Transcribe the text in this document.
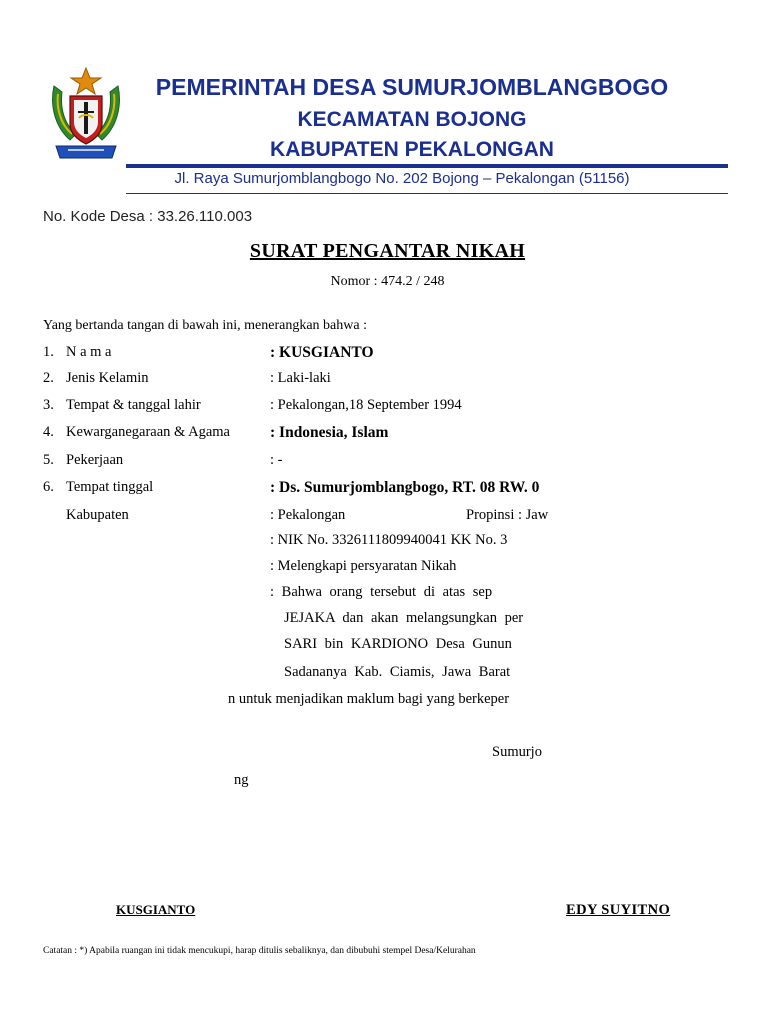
PEMERINTAH DESA SUMURJOMBLANGBOGO
KECAMATAN BOJONG
KABUPATEN PEKALONGAN
Jl. Raya Sumurjomblangbogo No. 202 Bojong – Pekalongan (51156)
No. Kode Desa : 33.26.110.003
SURAT PENGANTAR NIKAH
Nomor : 474.2 / 248
Yang bertanda tangan di bawah ini, menerangkan bahwa :
1. N a m a	: KUSGIANTO
2. Jenis Kelamin	: Laki-laki
3. Tempat & tanggal lahir	: Pekalongan,18 September 1994
4. Kewarganegaraan & Agama	: Indonesia, Islam
5. Pekerjaan	: -
6. Tempat tinggal	: Ds. Sumurjomblangbogo, RT. 08 RW. 0
Kabupaten	: Pekalongan	Propinsi : Jaw
: NIK No. 3326111809940041 KK No. 3
: Melengkapi persyaratan Nikah
: Bahwa orang tersebut di atas sep
JEJAKA dan akan melangsungkan per
SARI bin KARDIONO Desa Gunun
Sadananya Kab. Ciamis, Jawa Barat
n untuk menjadikan maklum bagi yang berkeper
Sumurjo
ng
KUSGIANTO	EDY SUYITNO
Catatan : *) Apabila ruangan ini tidak mencukupi, harap ditulis sebaliknya, dan dibubuhi stempel Desa/Kelurahan
